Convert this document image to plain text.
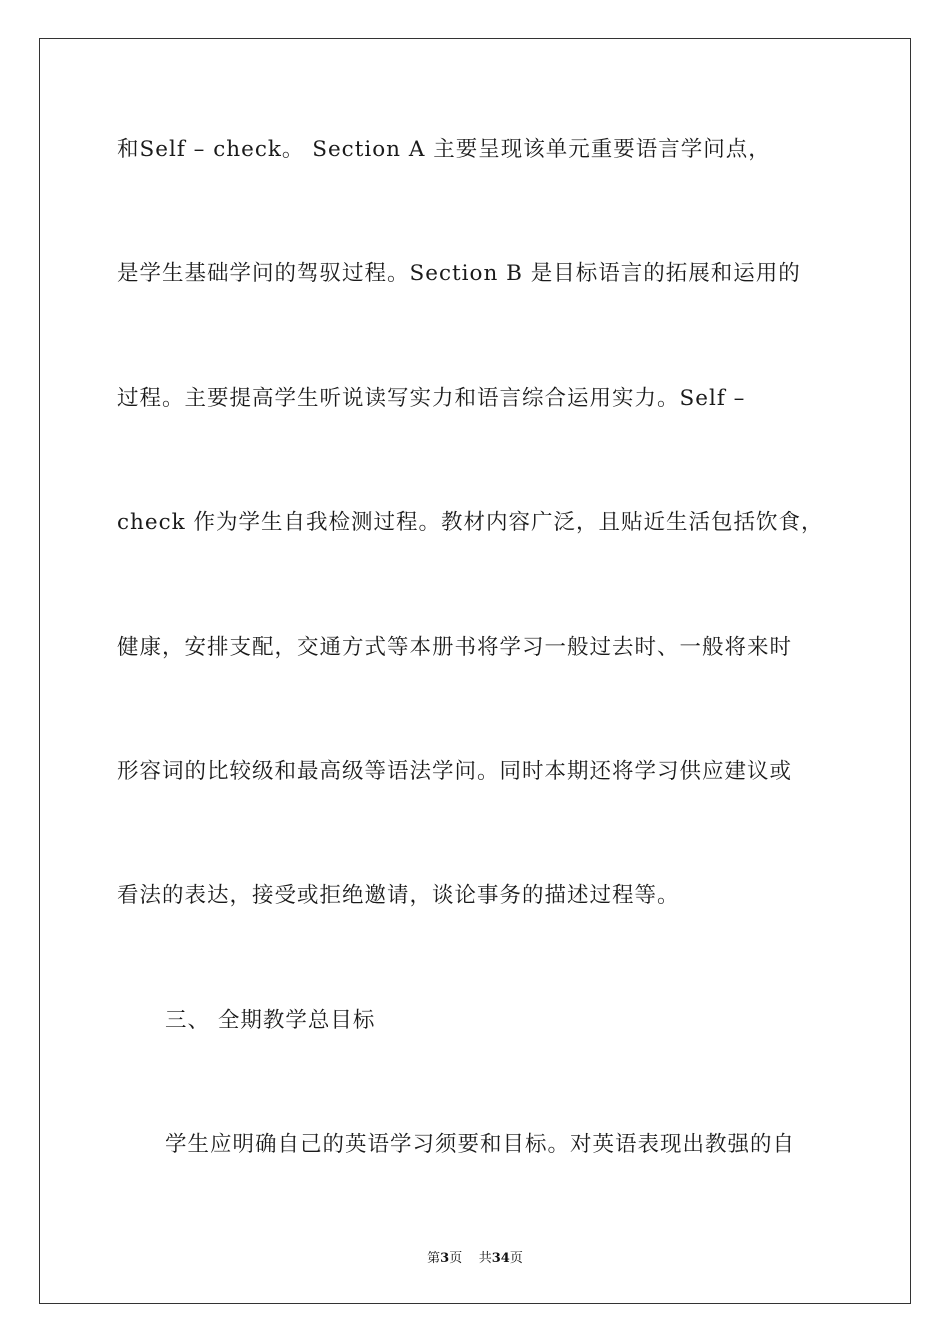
和Self – check。 Section A 主要呈现该单元重要语言学问点，
是学生基础学问的驾驭过程。Section B 是目标语言的拓展和运用的
过程。主要提高学生听说读写实力和语言综合运用实力。Self –
check 作为学生自我检测过程。教材内容广泛，且贴近生活包括饮食，
健康，安排支配，交通方式等本册书将学习一般过去时、一般将来时
形容词的比较级和最高级等语法学问。同时本期还将学习供应建议或
看法的表达，接受或拒绝邀请，谈论事务的描述过程等。
三、 全期教学总目标
学生应明确自己的英语学习须要和目标。对英语表现出教强的自
第3页 共34页
